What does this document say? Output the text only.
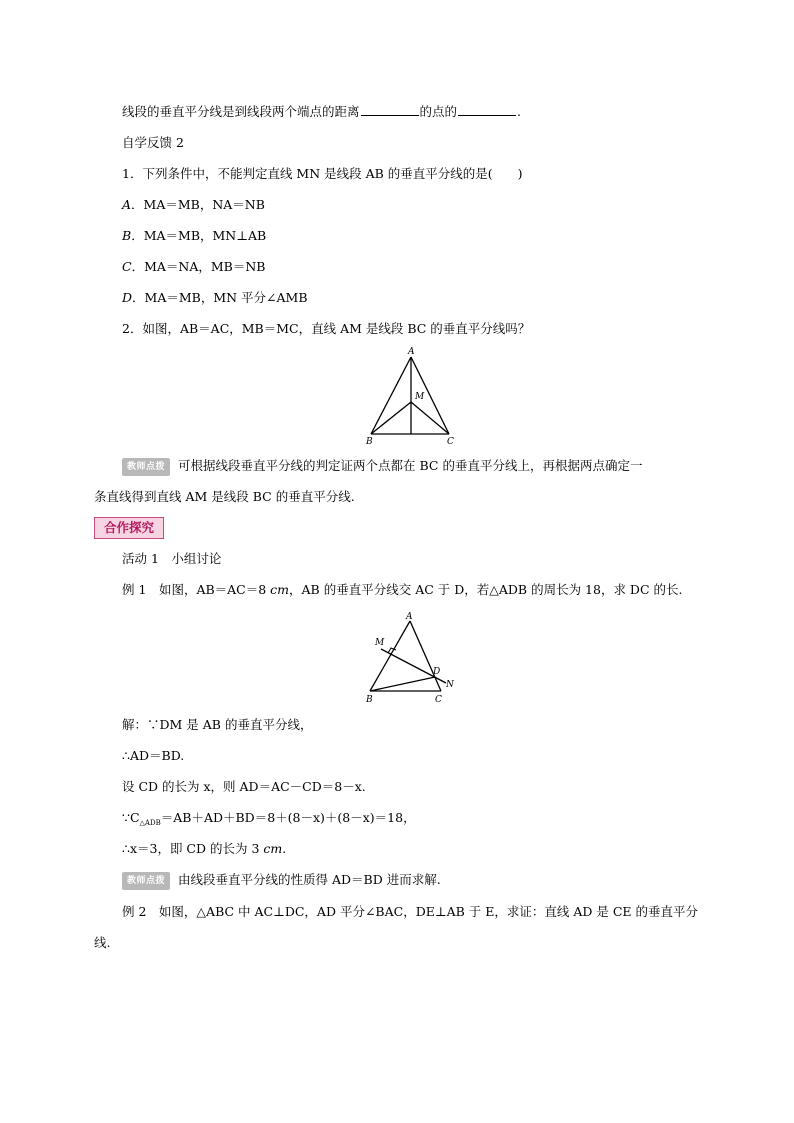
线段的垂直平分线是到线段两个端点的距离	的点的	.
自学反馈 2
1．下列条件中，不能判定直线 MN 是线段 AB 的垂直平分线的是(　　)
A．MA＝MB，NA＝NB
B．MA＝MB，MN⊥AB
C．MA＝NA，MB＝NB
D．MA＝MB，MN 平分∠AMB
2．如图，AB＝AC，MB＝MC，直线 AM 是线段 BC 的垂直平分线吗？
A
M
B	C
教师点拨 可根据线段垂直平分线的判定证两个点都在 BC 的垂直平分线上，再根据两点确定一
条直线得到直线 AM 是线段 BC 的垂直平分线.
合作探究
活动 1　小组讨论
例 1　如图，AB＝AC＝8 cm，AB 的垂直平分线交 AC 于 D，若△ADB 的周长为 18，求 DC 的长.
A
M
D
N
B	C
解：∵DM 是 AB 的垂直平分线，
∴AD＝BD.
设 CD 的长为 x，则 AD＝AC－CD＝8－x.
$\because C_{\triangle ADB}=AB+AD+BD=8+(8-x)+(8-x)=18$，
∴x＝3，即 CD 的长为 3 cm.
教师点拨 由线段垂直平分线的性质得 AD＝BD 进而求解.
例 2　如图，△ABC 中 AC⊥DC，AD 平分∠BAC，DE⊥AB 于 E，求证：直线 AD 是 CE 的垂直平分
线.
